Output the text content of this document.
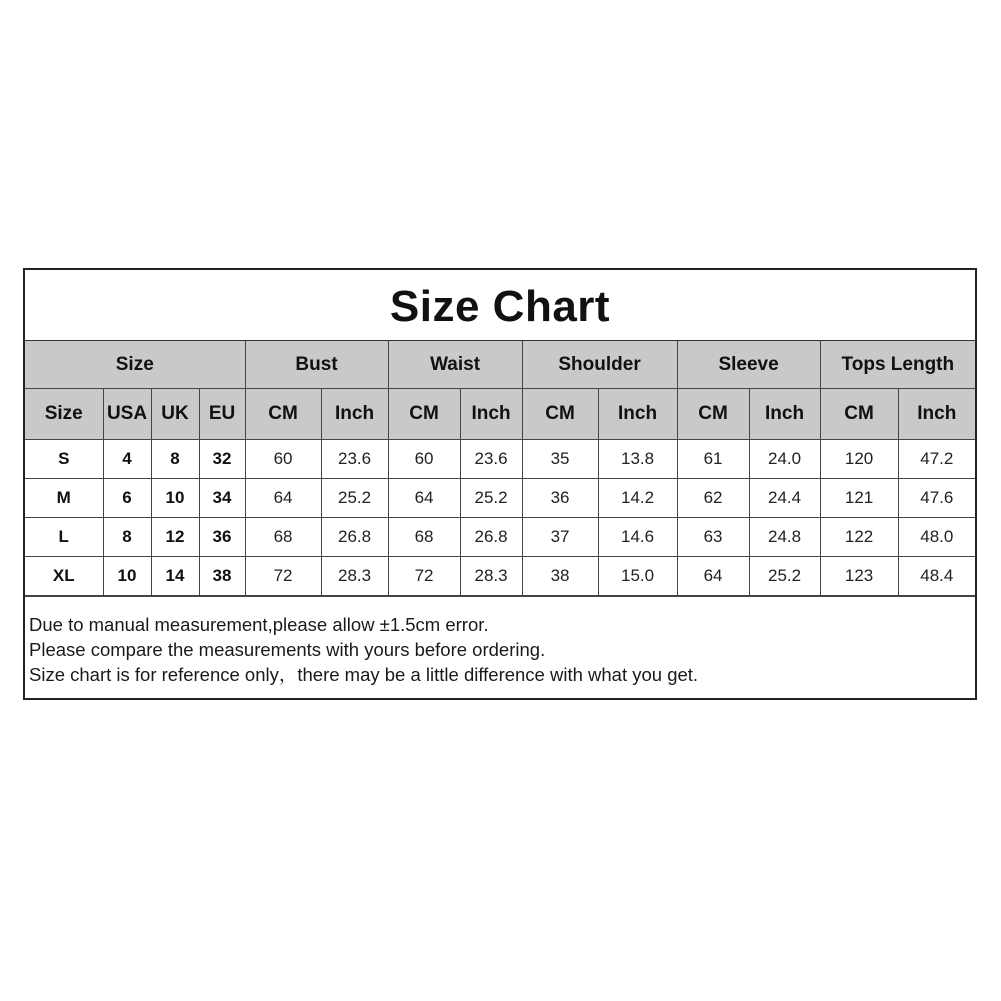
Size Chart
Size				Bust		Waist		Shoulder		Sleeve		Tops Length	
Size	USA	UK	EU	CM	Inch	CM	Inch	CM	Inch	CM	Inch	CM	Inch
S	4	8	32	60	23.6	60	23.6	35	13.8	61	24.0	120	47.2
M	6	10	34	64	25.2	64	25.2	36	14.2	62	24.4	121	47.6
L	8	12	36	68	26.8	68	26.8	37	14.6	63	24.8	122	48.0
XL	10	14	38	72	28.3	72	28.3	38	15.0	64	25.2	123	48.4
Due to manual measurement,please allow ±1.5cm error.
Please compare the measurements with yours before ordering.
Size chart is for reference only，there may be a little difference with what you get.
